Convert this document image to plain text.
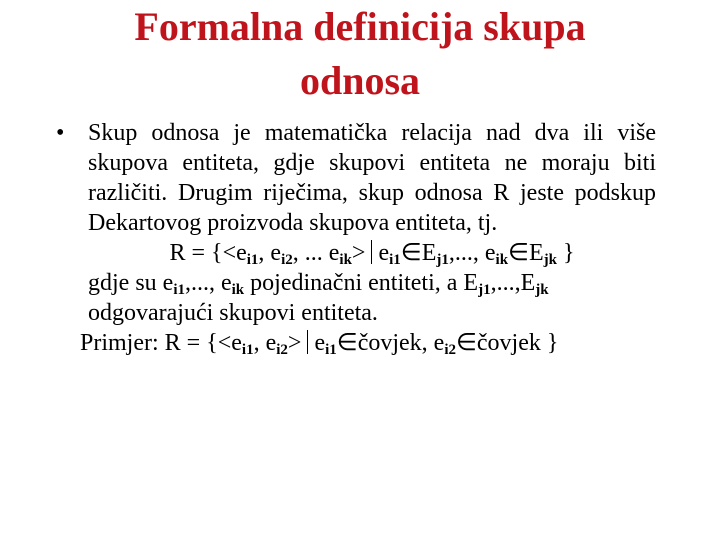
Formalna definicija skupa
odnosa
• Skup odnosa je matematička relacija nad dva ili više skupova entiteta, gdje skupovi entiteta ne moraju biti različiti. Drugim riječima, skup odnosa R jeste podskup Dekartovog proizvoda skupova entiteta, tj.
$R = \{<e_{i1}$, $e_{i2}$, ... $e_{ik}>$ $e_{i1}\in E_{j1}$,..., $e_{ik}\in E_{jk}$ }
gdje su $e_{i1}$,..., $e_{ik}$ pojedinačni entiteti, a $E_{j1},...,E_{jk}$
odgovarajući skupovi entiteta.
Primjer: $R = \{<e_{i1}$, $e_{i2}>$ $e_{i1}\in čovjek$, $e_{i2}\in čovjek$ }
